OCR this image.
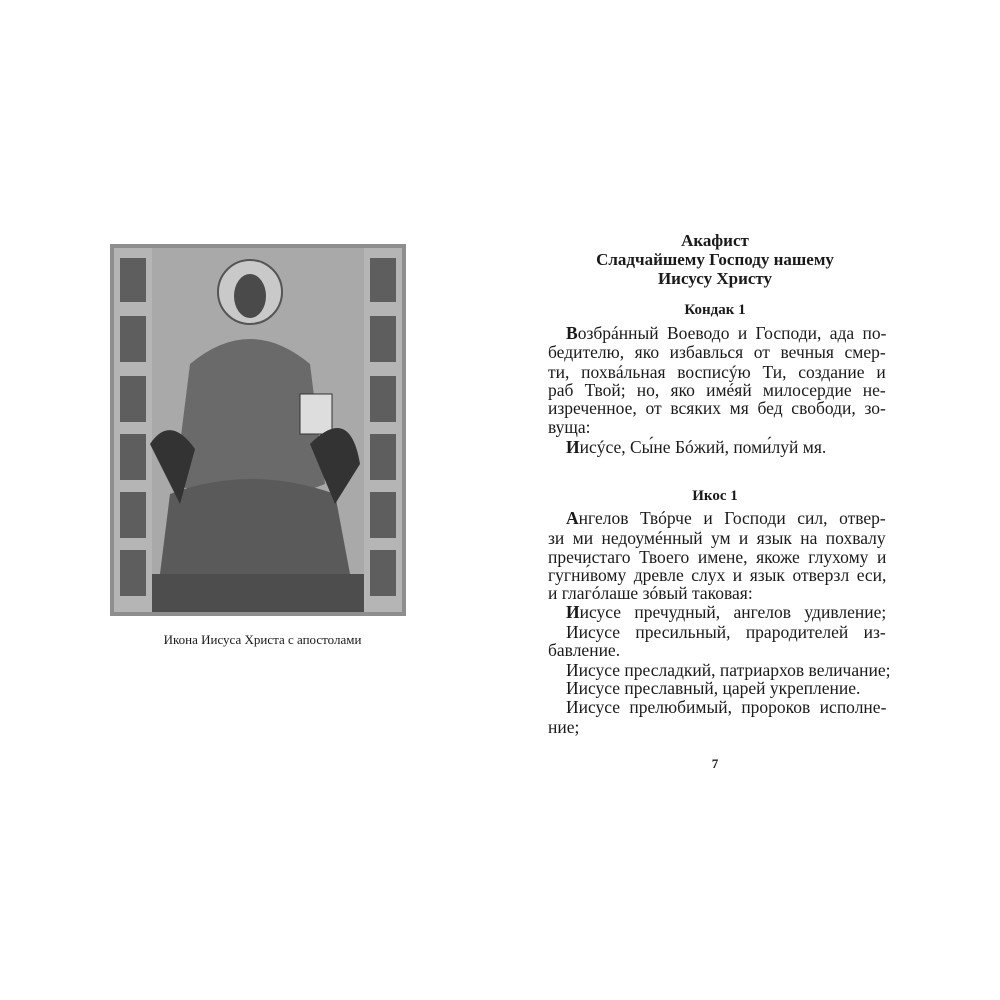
Икона Иисуса Христа с апостолами
Акафист
Сладчайшему Господу нашему
Иисусу Христу
Кондак 1
Возбрáнный Воеводо и Господи, ада по-
бедителю, яко избавлься от вечныя смер-
ти, похвáльная восписýю Ти, создание и
раб Твой; но, яко имéяй милосердие не-
изреченное, от всяких мя бед свободи, зо-
вуща:
Иисýсе, Сы́не Бóжий, поми́луй мя.
Икос 1
Ангелов Твóрче и Господи сил, отвер-
зи ми недоумéнный ум и язык на похвалу
пречистаго Твоего имене, якоже глухому и
гугни́вому древле слух и язык отверзл еси,
и глагóлаше зóвый таковая:
Иисусе пречудный, ангелов удивление;
Иисусе пресильный, прародителей из-
бавление.
Иисусе пресладкий, патриархов величание;
Иисусе преславный, царей укрепление.
Иисусе прелюбимый, пророков исполне-
ние;
7
